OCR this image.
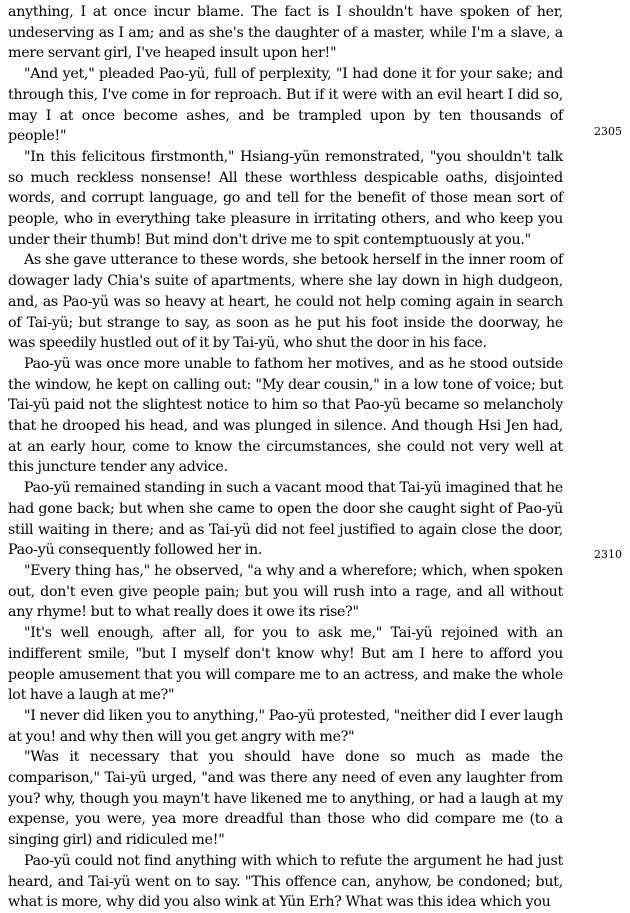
anything, I at once incur blame. The fact is I shouldn't have spoken of her, undeserving as I am; and as she's the daughter of a master, while I'm a slave, a mere servant girl, I've heaped insult upon her!"

"And yet," pleaded Pao-yü, full of perplexity, "I had done it for your sake; and through this, I've come in for reproach. But if it were with an evil heart I did so, may I at once become ashes, and be trampled upon by ten thousands of people!"

"In this felicitous firstmonth," Hsiang-yün remonstrated, "you shouldn't talk so much reckless nonsense! All these worthless despicable oaths, disjointed words, and corrupt language, go and tell for the benefit of those mean sort of people, who in everything take pleasure in irritating others, and who keep you under their thumb! But mind don't drive me to spit contemptuously at you."

As she gave utterance to these words, she betook herself in the inner room of dowager lady Chia's suite of apartments, where she lay down in high dudgeon, and, as Pao-yü was so heavy at heart, he could not help coming again in search of Tai-yü; but strange to say, as soon as he put his foot inside the doorway, he was speedily hustled out of it by Tai-yü, who shut the door in his face.

Pao-yü was once more unable to fathom her motives, and as he stood outside the window, he kept on calling out: "My dear cousin," in a low tone of voice; but Tai-yü paid not the slightest notice to him so that Pao-yü became so melancholy that he drooped his head, and was plunged in silence. And though Hsi Jen had, at an early hour, come to know the circumstances, she could not very well at this juncture tender any advice.

Pao-yü remained standing in such a vacant mood that Tai-yü imagined that he had gone back; but when she came to open the door she caught sight of Pao-yü still waiting in there; and as Tai-yü did not feel justified to again close the door, Pao-yü consequently followed her in.

"Every thing has," he observed, "a why and a wherefore; which, when spoken out, don't even give people pain; but you will rush into a rage, and all without any rhyme! but to what really does it owe its rise?"

"It's well enough, after all, for you to ask me," Tai-yü rejoined with an indifferent smile, "but I myself don't know why! But am I here to afford you people amusement that you will compare me to an actress, and make the whole lot have a laugh at me?"

"I never did liken you to anything," Pao-yü protested, "neither did I ever laugh at you! and why then will you get angry with me?"

"Was it necessary that you should have done so much as made the comparison," Tai-yü urged, "and was there any need of even any laughter from you? why, though you mayn't have likened me to anything, or had a laugh at my expense, you were, yea more dreadful than those who did compare me (to a singing girl) and ridiculed me!"

Pao-yü could not find anything with which to refute the argument he had just heard, and Tai-yü went on to say. "This offence can, anyhow, be condoned; but, what is more, why did you also wink at Yün Erh? What was this idea which you

2305
2310
